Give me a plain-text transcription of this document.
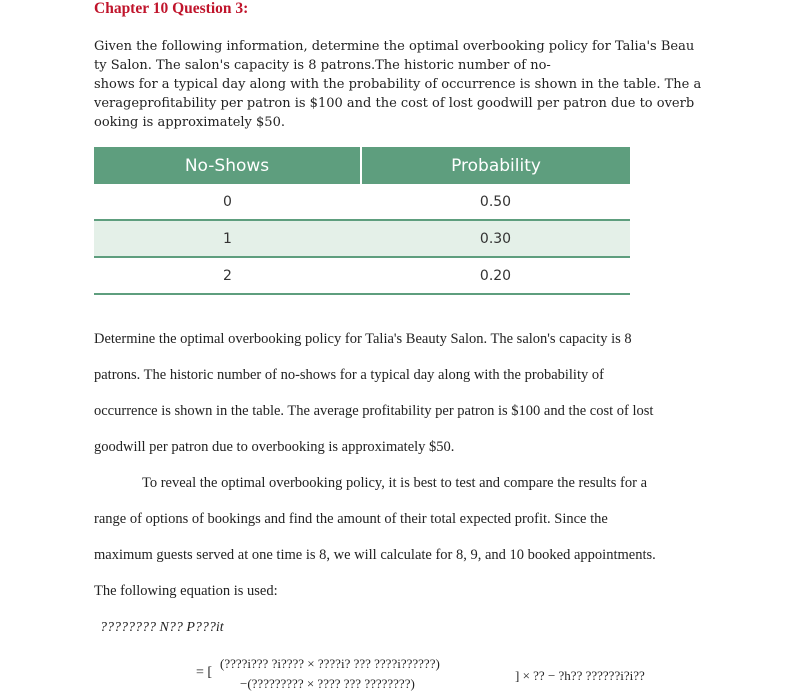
Chapter 10 Question 3:
Given the following information, determine the optimal overbooking policy for Talia's Beau
ty Salon. The salon's capacity is 8 patrons.The historic number of no-
shows for a typical day along with the probability of occurrence is shown in the table. The a
verageprofitability per patron is $100 and the cost of lost goodwill per patron due to overb
ooking is approximately $50.
No-Shows	Probability
0	0.50
1	0.30
2	0.20

Determine the optimal overbooking policy for Talia's Beauty Salon. The salon's capacity is 8

patrons. The historic number of no-shows for a typical day along with the probability of

occurrence is shown in the table. The average profitability per patron is $100 and the cost of lost

goodwill per patron due to overbooking is approximately $50.

To reveal the optimal overbooking policy, it is best to test and compare the results for a

range of options of bookings and find the amount of their total expected profit. Since the

maximum guests served at one time is 8, we will calculate for 8, 9, and 10 booked appointments.

The following equation is used:

???????? N?? P???it

= [
(????i??? ?i???? × ????i? ??? ????i??????)
−(????????? × ???? ??? ????????)
] × ?? − ?h?? ??????i?i??
